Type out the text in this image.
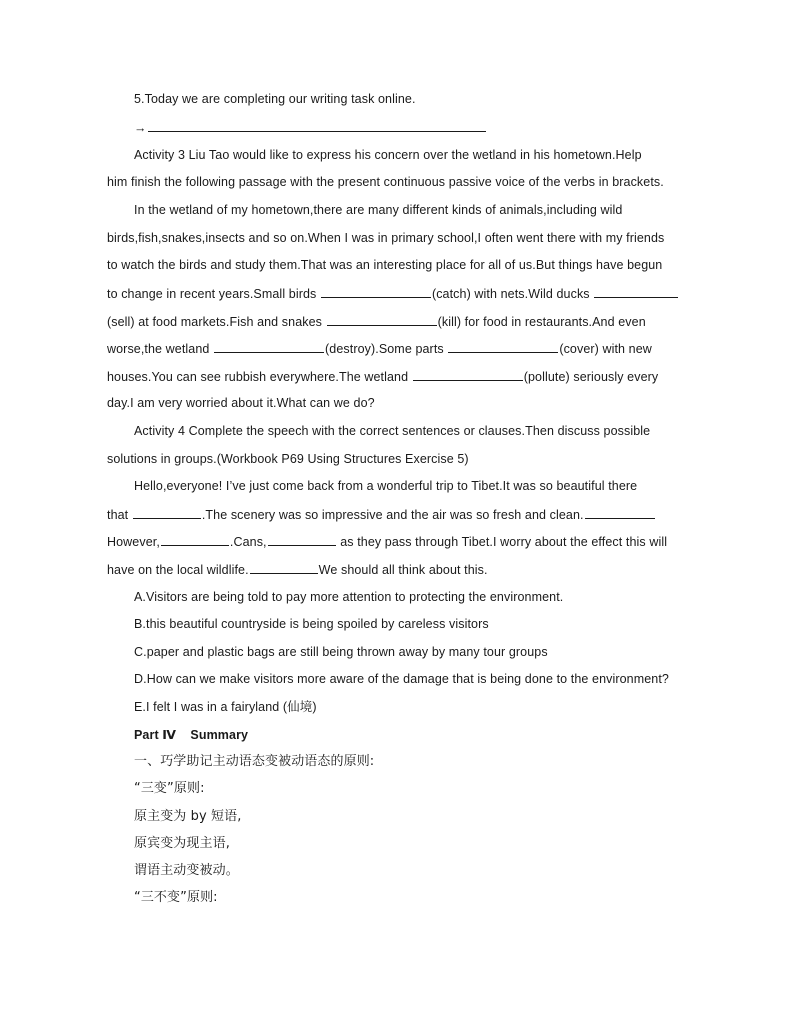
5.Today we are completing our writing task online.
→
Activity 3 Liu Tao would like to express his concern over the wetland in his hometown.Help
him finish the following passage with the present continuous passive voice of the verbs in brackets.
In the wetland of my hometown,there are many different kinds of animals,including wild
birds,fish,snakes,insects and so on.When I was in primary school,I often went there with my friends
to watch the birds and study them.That was an interesting place for all of us.But things have begun
to change in recent years.Small birds	(catch) with nets.Wild ducks
(sell) at food markets.Fish and snakes	(kill) for food in restaurants.And even
worse,the wetland	(destroy).Some parts	(cover) with new
houses.You can see rubbish everywhere.The wetland	(pollute) seriously every
day.I am very worried about it.What can we do?
Activity 4 Complete the speech with the correct sentences or clauses.Then discuss possible
solutions in groups.(Workbook P69 Using Structures Exercise 5)
Hello,everyone! I’ve just come back from a wonderful trip to Tibet.It was so beautiful there
that	.The scenery was so impressive and the air was so fresh and clean.
However,	.Cans,	as they pass through Tibet.I worry about the effect this will
have on the local wildlife.	We should all think about this.
A.Visitors are being told to pay more attention to protecting the environment.
B.this beautiful countryside is being spoiled by careless visitors
C.paper and plastic bags are still being thrown away by many tour groups
D.How can we make visitors more aware of the damage that is being done to the environment?
E.I felt I was in a fairyland (仙境)
Part Ⅳ Summary
一、巧学助记主动语态变被动语态的原则:
“三变”原则:
原主变为 by 短语,
原宾变为现主语,
谓语主动变被动。
“三不变”原则:
